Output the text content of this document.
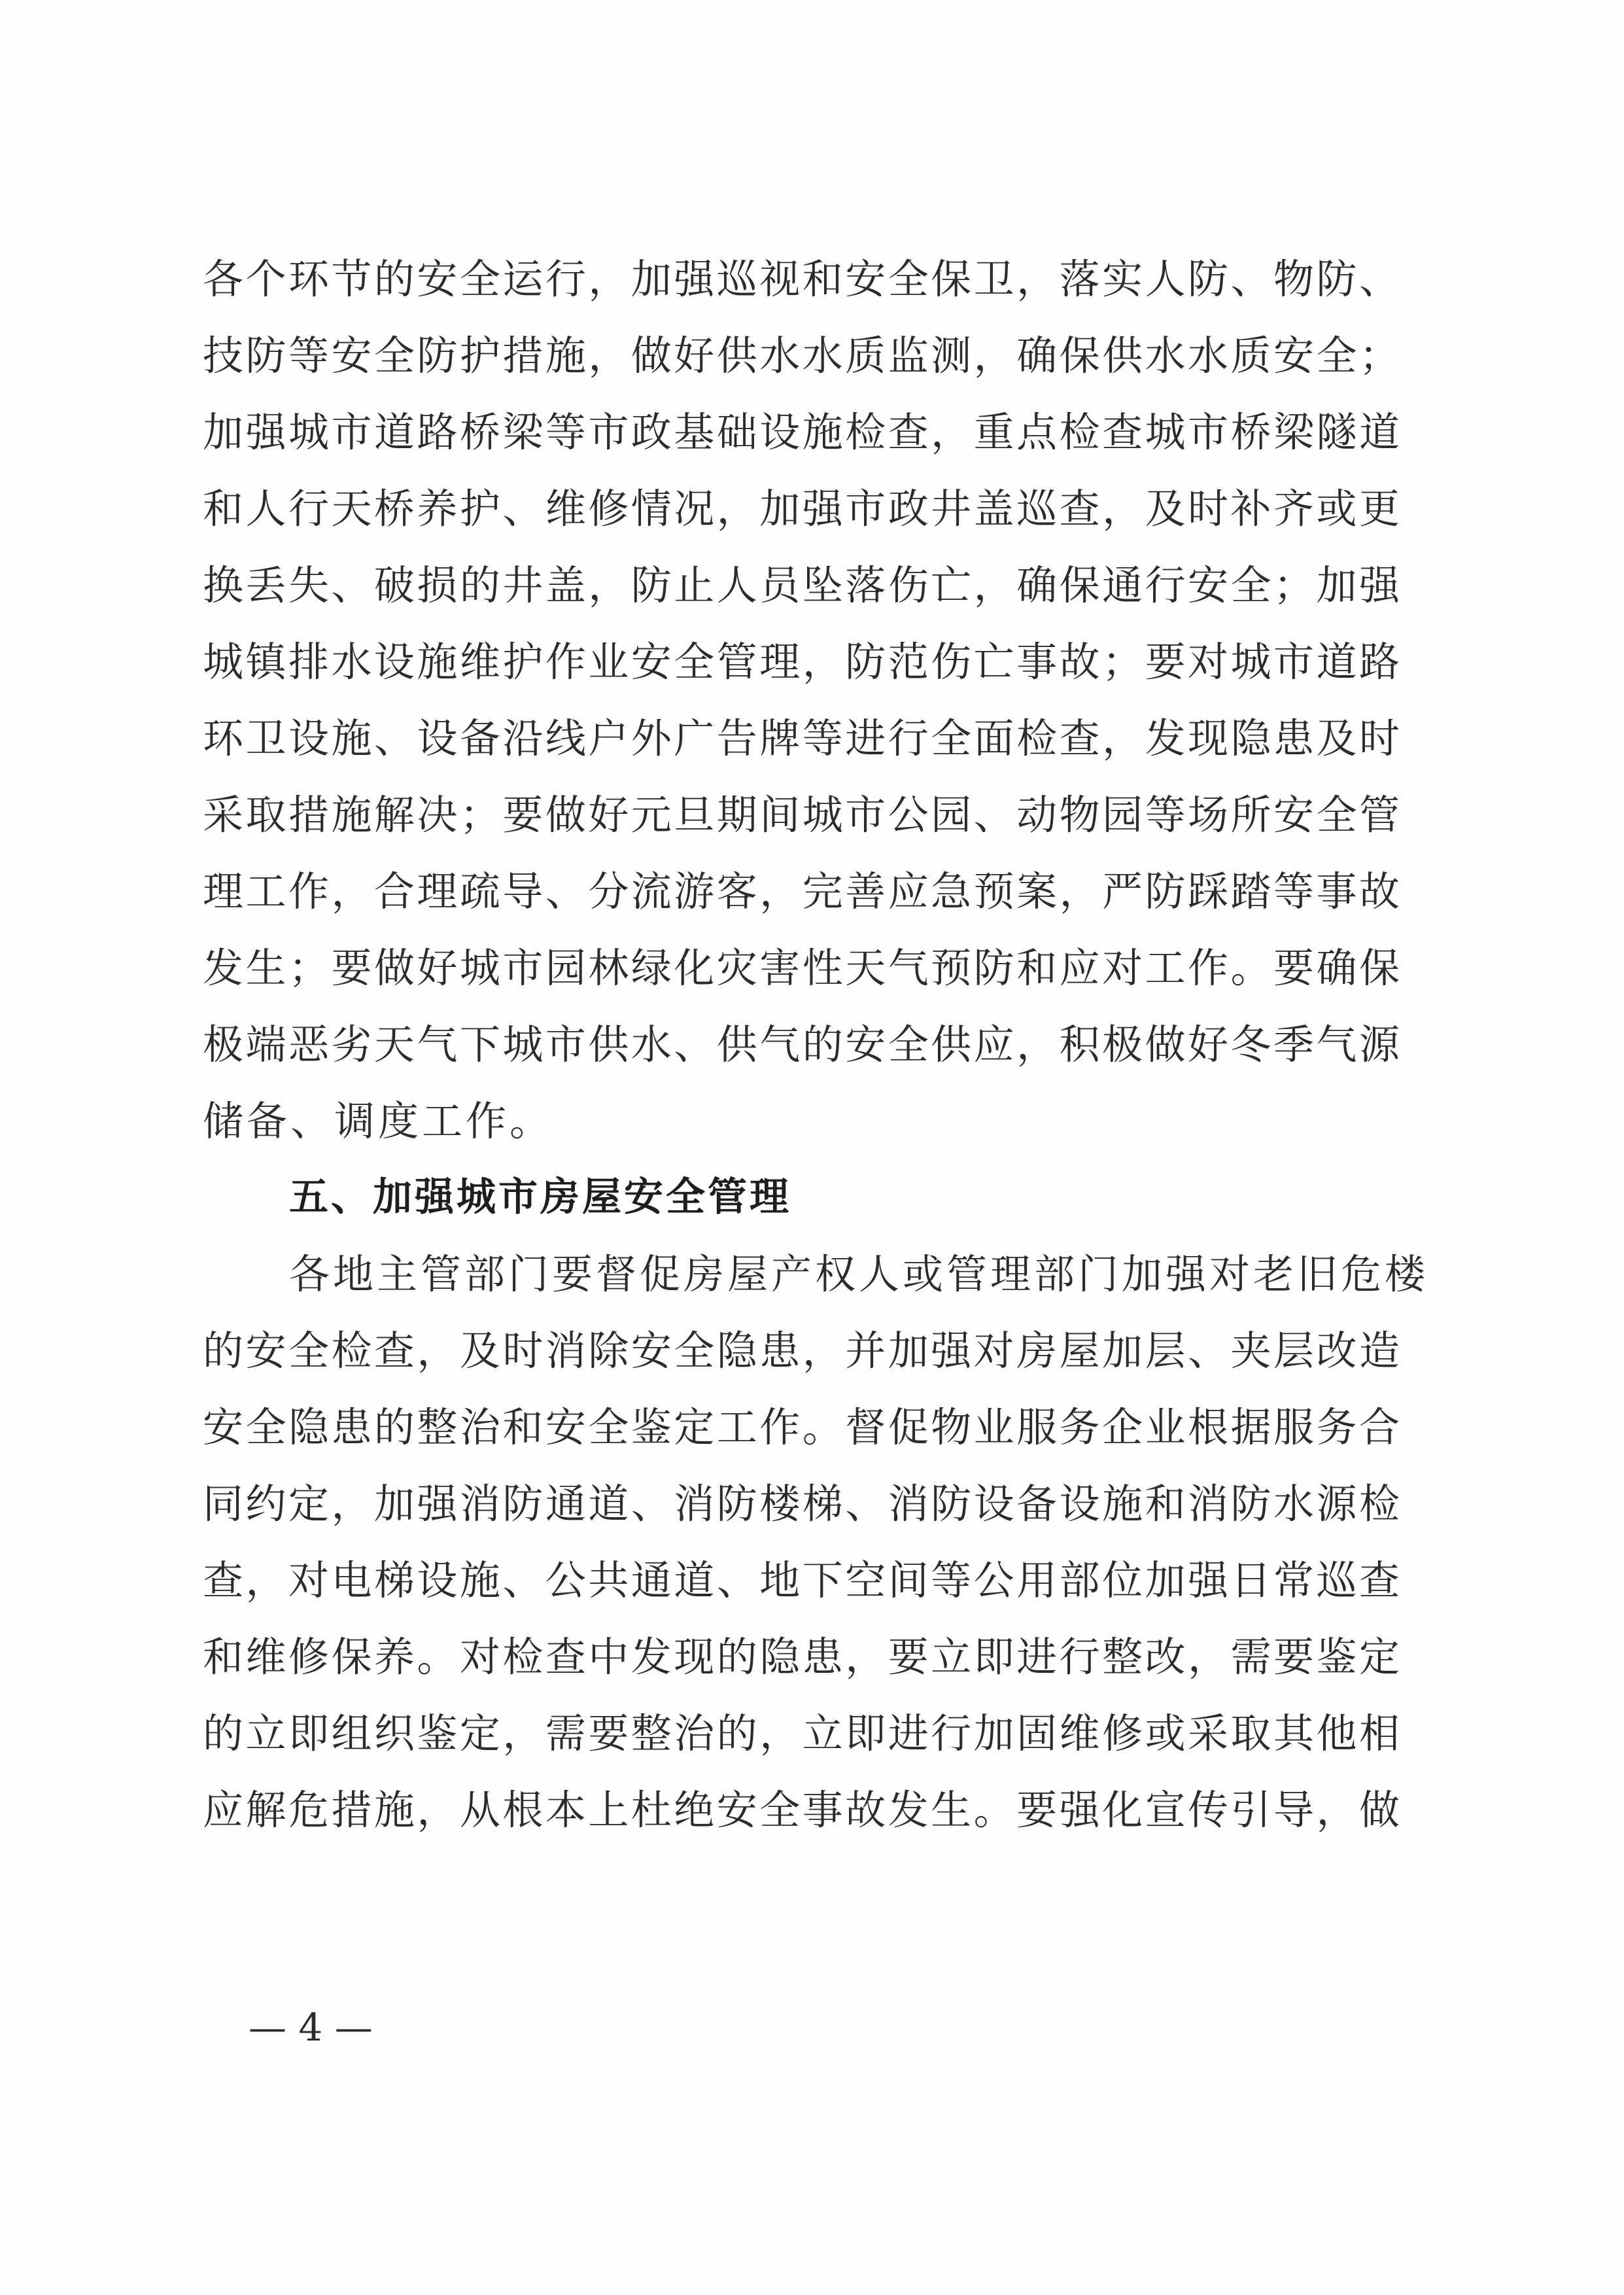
各个环节的安全运行，加强巡视和安全保卫，落实人防、物防、
技防等安全防护措施，做好供水水质监测，确保供水水质安全；
加强城市道路桥梁等市政基础设施检查，重点检查城市桥梁隧道
和人行天桥养护、维修情况，加强市政井盖巡查，及时补齐或更
换丢失、破损的井盖，防止人员坠落伤亡，确保通行安全；加强
城镇排水设施维护作业安全管理，防范伤亡事故；要对城市道路
环卫设施、设备沿线户外广告牌等进行全面检查，发现隐患及时
采取措施解决；要做好元旦期间城市公园、动物园等场所安全管
理工作，合理疏导、分流游客，完善应急预案，严防踩踏等事故
发生；要做好城市园林绿化灾害性天气预防和应对工作。要确保
极端恶劣天气下城市供水、供气的安全供应，积极做好冬季气源
储备、调度工作。
五、加强城市房屋安全管理
各地主管部门要督促房屋产权人或管理部门加强对老旧危楼
的安全检查，及时消除安全隐患，并加强对房屋加层、夹层改造
安全隐患的整治和安全鉴定工作。督促物业服务企业根据服务合
同约定，加强消防通道、消防楼梯、消防设备设施和消防水源检
查，对电梯设施、公共通道、地下空间等公用部位加强日常巡查
和维修保养。对检查中发现的隐患，要立即进行整改，需要鉴定
的立即组织鉴定，需要整治的，立即进行加固维修或采取其他相
应解危措施，从根本上杜绝安全事故发生。要强化宣传引导，做
— 4 —
